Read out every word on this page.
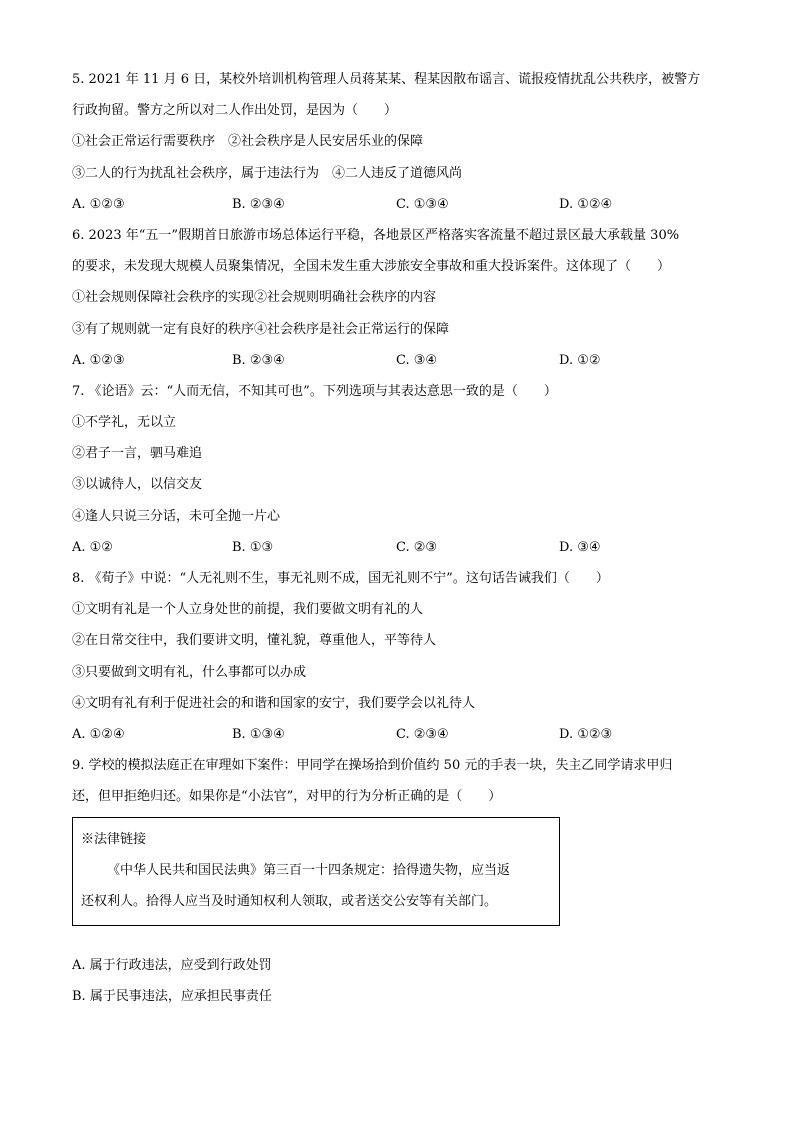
5. 2021 年 11 月 6 日，某校外培训机构管理人员蒋某某、程某因散布谣言、谎报疫情扰乱公共秩序，被警方
行政拘留。警方之所以对二人作出处罚，是因为（　　）
①社会正常运行需要秩序　②社会秩序是人民安居乐业的保障
③二人的行为扰乱社会秩序，属于违法行为　④二人违反了道德风尚
A. ①②③	B. ②③④	C. ①③④	D. ①②④
6. 2023 年“五一”假期首日旅游市场总体运行平稳，各地景区严格落实客流量不超过景区最大承载量 30%
的要求，未发现大规模人员聚集情况，全国未发生重大涉旅安全事故和重大投诉案件。这体现了（　　）
①社会规则保障社会秩序的实现②社会规则明确社会秩序的内容
③有了规则就一定有良好的秩序④社会秩序是社会正常运行的保障
A. ①②③	B. ②③④	C. ③④	D. ①②
7. 《论语》云：“人而无信，不知其可也”。下列选项与其表达意思一致的是（　　）
①不学礼，无以立
②君子一言，驷马难追
③以诚待人，以信交友
④逢人只说三分话，未可全抛一片心
A. ①②	B. ①③	C. ②③	D. ③④
8. 《荀子》中说：“人无礼则不生，事无礼则不成，国无礼则不宁”。这句话告诫我们（　　）
①文明有礼是一个人立身处世的前提，我们要做文明有礼的人
②在日常交往中，我们要讲文明，懂礼貌，尊重他人，平等待人
③只要做到文明有礼，什么事都可以办成
④文明有礼有利于促进社会的和谐和国家的安宁，我们要学会以礼待人
A. ①②④	B. ①③④	C. ②③④	D. ①②③
9. 学校的模拟法庭正在审理如下案件：甲同学在操场拾到价值约 50 元的手表一块，失主乙同学请求甲归
还，但甲拒绝归还。如果你是“小法官”，对甲的行为分析正确的是（　　）
※法律链接
《中华人民共和国民法典》第三百一十四条规定：拾得遗失物，应当返
还权利人。拾得人应当及时通知权利人领取，或者送交公安等有关部门。
A. 属于行政违法，应受到行政处罚
B. 属于民事违法，应承担民事责任
